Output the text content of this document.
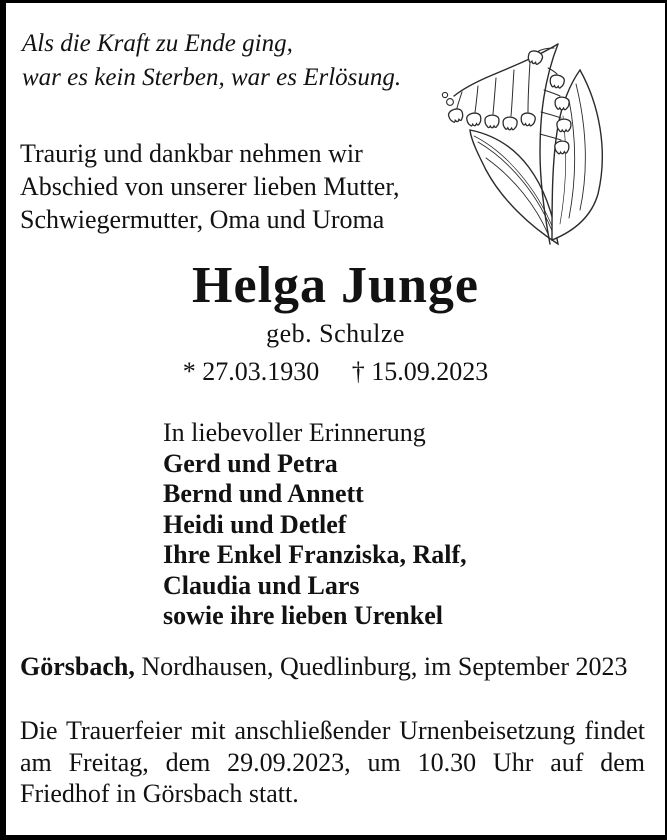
Als die Kraft zu Ende ging,
war es kein Sterben, war es Erlösung.
Traurig und dankbar nehmen wir
Abschied von unserer lieben Mutter,
Schwiegermutter, Oma und Uroma
Helga Junge
geb. Schulze
* 27.03.1930 † 15.09.2023
In liebevoller Erinnerung
Gerd und Petra
Bernd und Annett
Heidi und Detlef
Ihre Enkel Franziska, Ralf,
Claudia und Lars
sowie ihre lieben Urenkel
Görsbach, Nordhausen, Quedlinburg, im September 2023
Die Trauerfeier mit anschließender Urnenbeisetzung findet am Freitag, dem 29.09.2023, um 10.30 Uhr auf dem Friedhof in Görsbach statt.
